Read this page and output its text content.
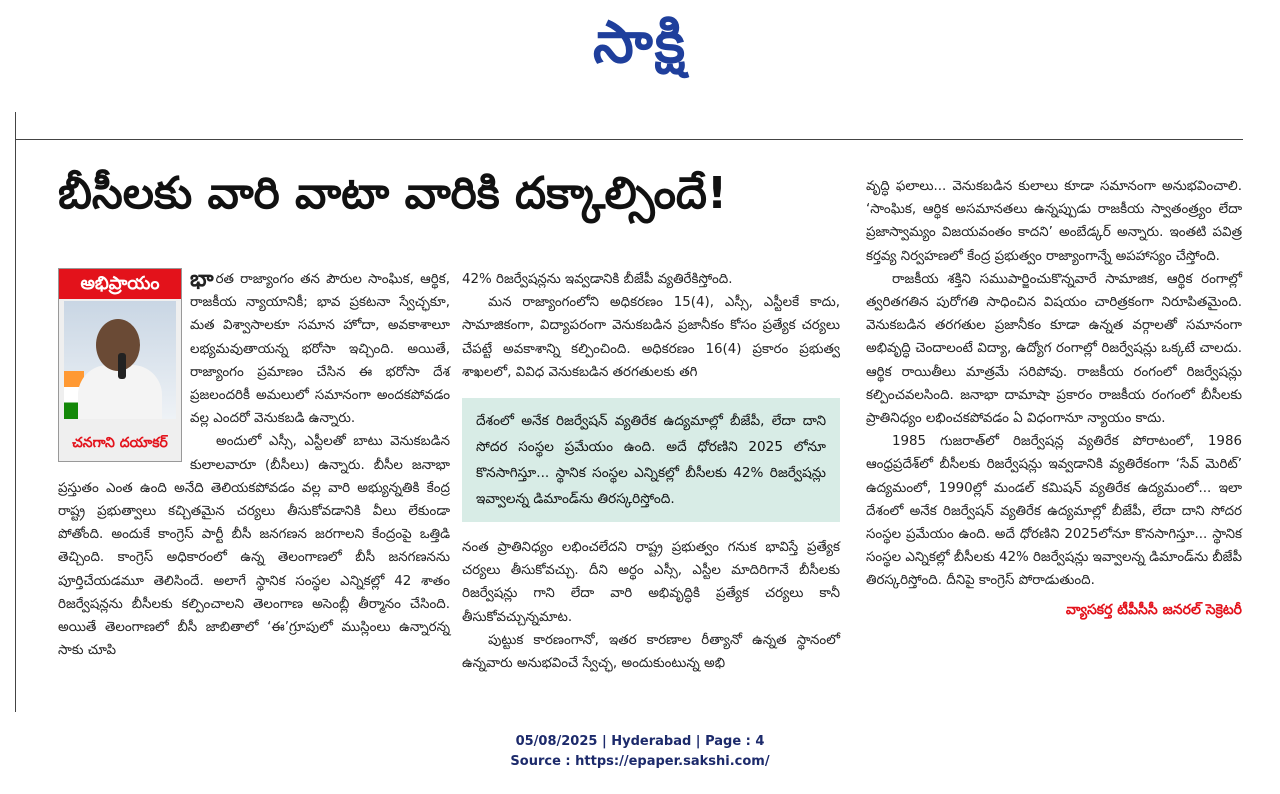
సాక్షి
బీసీలకు వారి వాటా వారికి దక్కాల్సిందే!
అభిప్రాయం
చనగాని దయాకర్

భారత రాజ్యాంగం తన పౌరుల సాంఘిక, ఆర్థిక, రాజకీయ న్యాయానికీ; భావ ప్రకటనా స్వేచ్ఛకూ, మత విశ్వాసాలకూ సమాన హోదా, అవకాశాలూ లభ్యమవుతాయన్న భరోసా ఇచ్చింది. అయితే, రాజ్యాంగం ప్రమాణం చేసిన ఈ భరోసా దేశ ప్రజలందరికీ అమలులో సమానంగా అందకపోవడం వల్ల ఎందరో వెనుకబడి ఉన్నారు.

అందులో ఎస్సీ, ఎస్టీలతో బాటు వెనుకబడిన కులాలవారూ (బీసీలు) ఉన్నారు. బీసీల జనాభా ప్రస్తుతం ఎంత ఉంది అనేది తెలియకపోవడం వల్ల వారి అభ్యున్నతికి కేంద్ర రాష్ట్ర ప్రభుత్వాలు కచ్చితమైన చర్యలు తీసుకోవడానికి వీలు లేకుండా పోతోంది. అందుకే కాంగ్రెస్ పార్టీ బీసీ జనగణన జరగాలని కేంద్రంపై ఒత్తిడి తెచ్చింది. కాంగ్రెస్ అధికారంలో ఉన్న తెలంగాణలో బీసీ జనగణనను పూర్తిచేయడమూ తెలిసిందే. అలాగే స్థానిక సంస్థల ఎన్నికల్లో 42 శాతం రిజర్వేషన్లను బీసీలకు కల్పించాలని తెలంగాణ అసెంబ్లీ తీర్మానం చేసింది. అయితే తెలంగాణలో బీసీ జాబితాలో ‘ఈ’గ్రూపులో ముస్లింలు ఉన్నారన్న సాకు చూపి

42% రిజర్వేషన్లను ఇవ్వడానికి బీజేపీ వ్యతిరేకిస్తోంది.

మన రాజ్యాంగంలోని అధికరణం 15(4), ఎస్సీ, ఎస్టీలకే కాదు, సామాజికంగా, విద్యాపరంగా వెనుకబడిన ప్రజానీకం కోసం ప్రత్యేక చర్యలు చేపట్టే అవకాశాన్ని కల్పించింది. అధికరణం 16(4) ప్రకారం ప్రభుత్వ శాఖలలో, వివిధ వెనుకబడిన తరగతులకు తగి

దేశంలో అనేక రిజర్వేషన్ వ్యతిరేక ఉద్యమాల్లో బీజేపీ, లేదా దాని సోదర సంస్థల ప్రమేయం ఉంది. అదే ధోరణిని 2025 లోనూ కొనసాగిస్తూ... స్థానిక సంస్థల ఎన్నికల్లో బీసీలకు 42% రిజర్వేషన్లు ఇవ్వాలన్న డిమాండ్‌ను తిరస్కరిస్తోంది.

నంత ప్రాతినిధ్యం లభించలేదని రాష్ట్ర ప్రభుత్వం గనుక భావిస్తే ప్రత్యేక చర్యలు తీసుకోవచ్చు. దీని అర్థం ఎస్సీ, ఎస్టీల మాదిరిగానే బీసీలకు రిజర్వేషన్లు గాని లేదా వారి అభివృద్ధికి ప్రత్యేక చర్యలు కానీ తీసుకోవచ్చున్నమాట.

పుట్టుక కారణంగానో, ఇతర కారణాల రీత్యానో ఉన్నత స్థానంలో ఉన్నవారు అనుభవించే స్వేచ్ఛ, అందుకుంటున్న అభి

వృద్ధి ఫలాలు... వెనుకబడిన కులాలు కూడా సమానంగా అనుభవించాలి. ‘సాంఘిక, ఆర్థిక అసమానతలు ఉన్నప్పుడు రాజకీయ స్వాతంత్ర్యం లేదా ప్రజాస్వామ్యం విజయవంతం కాదని’ అంబేడ్కర్ అన్నారు. ఇంతటి పవిత్ర కర్తవ్య నిర్వహణలో కేంద్ర ప్రభుత్వం రాజ్యాంగాన్నే అపహాస్యం చేస్తోంది.

రాజకీయ శక్తిని సముపార్జించుకొన్నవారే సామాజిక, ఆర్థిక రంగాల్లో త్వరితగతిన పురోగతి సాధించిన విషయం చారిత్రకంగా నిరూపితమైంది. వెనుకబడిన తరగతుల ప్రజానీకం కూడా ఉన్నత వర్గాలతో సమానంగా అభివృద్ధి చెందాలంటే విద్యా, ఉద్యోగ రంగాల్లో రిజర్వేషన్లు ఒక్కటే చాలదు. ఆర్థిక రాయితీలు మాత్రమే సరిపోవు. రాజకీయ రంగంలో రిజర్వేషన్లు కల్పించవలసింది. జనాభా దామాషా ప్రకారం రాజకీయ రంగంలో బీసీలకు ప్రాతినిధ్యం లభించకపోవడం ఏ విధంగానూ న్యాయం కాదు.

1985 గుజరాత్‌లో రిజర్వేషన్ల వ్యతిరేక పోరాటంలో, 1986 ఆంధ్రప్రదేశ్‌లో బీసీలకు రిజర్వేషన్లు ఇవ్వడానికి వ్యతిరేకంగా ‘సేవ్ మెరిట్’ ఉద్యమంలో, 1990ల్లో మండల్ కమిషన్ వ్యతిరేక ఉద్యమంలో... ఇలా దేశంలో అనేక రిజర్వేషన్ వ్యతిరేక ఉద్యమాల్లో బీజేపీ, లేదా దాని సోదర సంస్థల ప్రమేయం ఉంది. అదే ధోరణిని 2025లోనూ కొనసాగిస్తూ... స్థానిక సంస్థల ఎన్నికల్లో బీసీలకు 42% రిజర్వేషన్లు ఇవ్వాలన్న డిమాండ్‌ను బీజేపీ తిరస్కరిస్తోంది. దీనిపై కాంగ్రెస్ పోరాడుతుంది.

వ్యాసకర్త టీపీసీసీ జనరల్ సెక్రెటరీ
05/08/2025 | Hyderabad | Page : 4
Source : https://epaper.sakshi.com/
